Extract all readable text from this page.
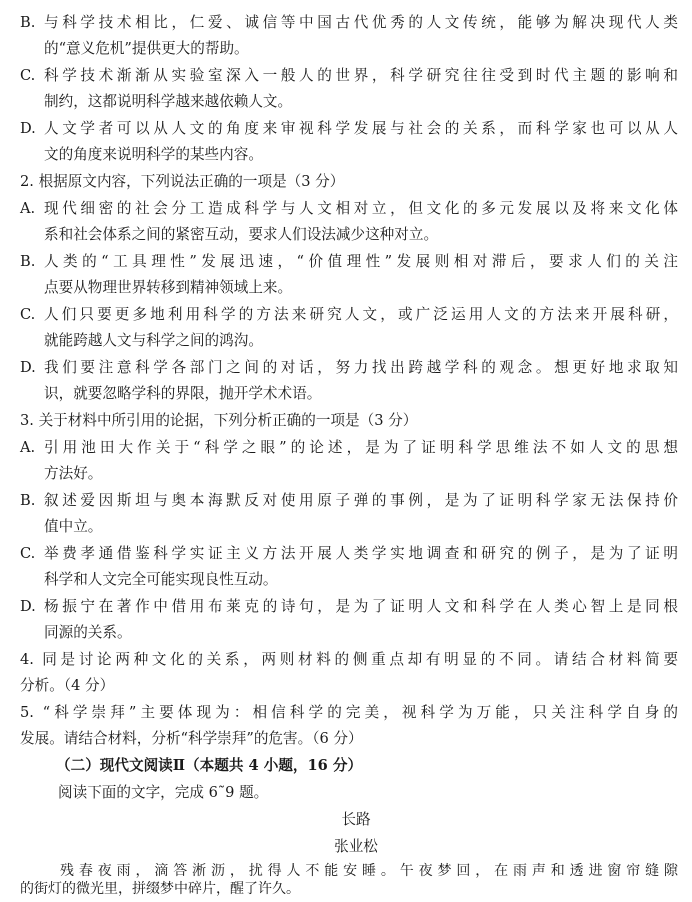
B. 与科学技术相比，仁爱、诚信等中国古代优秀的人文传统，能够为解决现代人类
的“意义危机”提供更大的帮助。
C. 科学技术渐渐从实验室深入一般人的世界，科学研究往往受到时代主题的影响和
制约，这都说明科学越来越依赖人文。
D. 人文学者可以从人文的角度来审视科学发展与社会的关系，而科学家也可以从人
文的角度来说明科学的某些内容。
2. 根据原文内容，下列说法正确的一项是（3 分）
A. 现代细密的社会分工造成科学与人文相对立，但文化的多元发展以及将来文化体
系和社会体系之间的紧密互动，要求人们设法减少这种对立。
B. 人类的“工具理性”发展迅速，“价值理性”发展则相对滞后，要求人们的关注
点要从物理世界转移到精神领域上来。
C. 人们只要更多地利用科学的方法来研究人文，或广泛运用人文的方法来开展科研，
就能跨越人文与科学之间的鸿沟。
D. 我们要注意科学各部门之间的对话，努力找出跨越学科的观念。想更好地求取知
识，就要忽略学科的界限，抛开学术术语。
3. 关于材料中所引用的论据，下列分析正确的一项是（3 分）
A. 引用池田大作关于“科学之眼”的论述，是为了证明科学思维法不如人文的思想
方法好。
B. 叙述爱因斯坦与奥本海默反对使用原子弹的事例，是为了证明科学家无法保持价
值中立。
C. 举费孝通借鉴科学实证主义方法开展人类学实地调查和研究的例子，是为了证明
科学和人文完全可能实现良性互动。
D. 杨振宁在著作中借用布莱克的诗句，是为了证明人文和科学在人类心智上是同根
同源的关系。
4. 同是讨论两种文化的关系，两则材料的侧重点却有明显的不同。请结合材料简要
分析。（4 分）
5. “科学崇拜”主要体现为：相信科学的完美，视科学为万能，只关注科学自身的
发展。请结合材料，分析“科学崇拜”的危害。（6 分）
（二）现代文阅读Ⅱ（本题共 4 小题，16 分）
阅读下面的文字，完成 6˜9 题。
长路
张业松
残春夜雨，滴答淅沥，扰得人不能安睡。午夜梦回，在雨声和透进窗帘缝隙
的街灯的微光里，拼缀梦中碎片，醒了许久。
